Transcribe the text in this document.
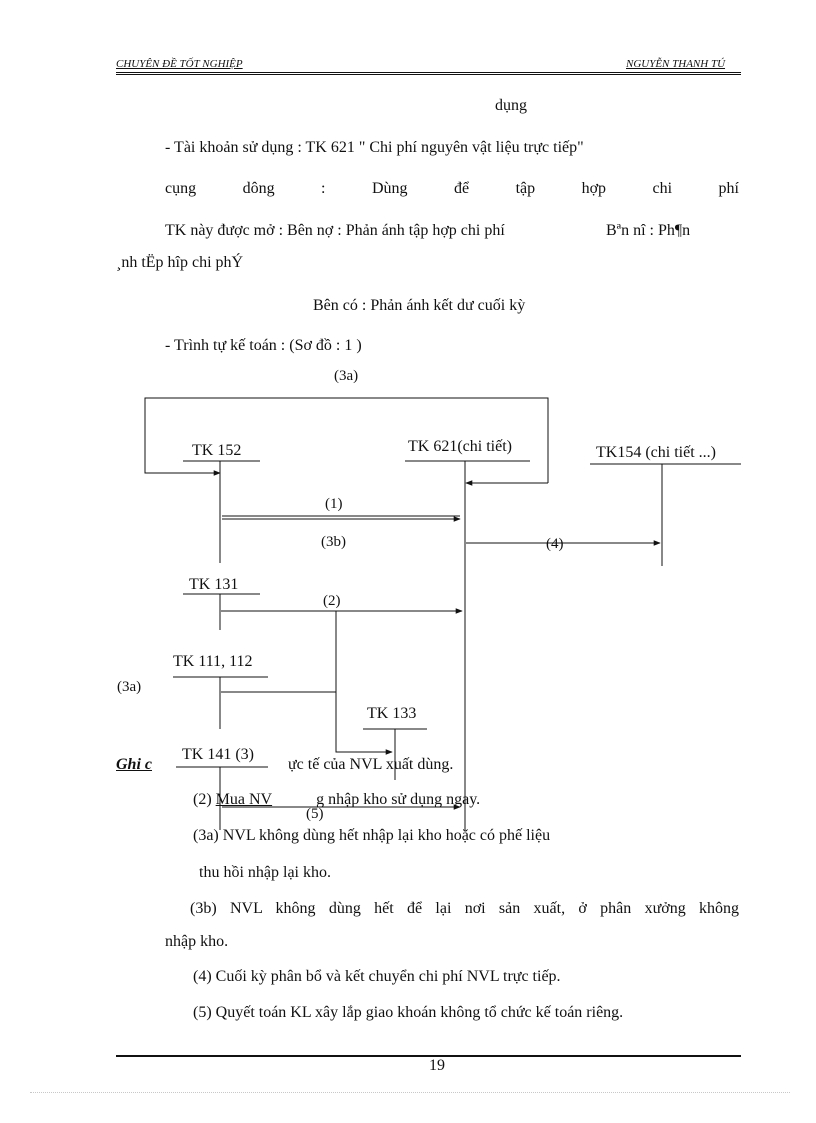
CHUYÊN ĐỀ TỐT NGHIỆP	NGUYỄN THANH TÚ
dụng
- Tài khoản sử dụng : TK 621 " Chi phí nguyên vật liệu trực tiếp"
cụng	dông	:	Dùng	để	tập	hợp	chi	phí
TK này được mở : Bên nợ : Phản ánh tập hợp chi phí	Bªn nî : Ph¶n
¸nh tËp hîp chi phÝ
Bên có : Phản ánh kết dư cuối kỳ
- Trình tự kế toán : (Sơ đồ : 1 )
(3a)
TK 152	TK 621(chi tiết)	TK154 (chi tiết ...)
(1)
(3b)	(4)
TK 131
(2)
TK 111, 112
(3a)
TK 133
(5)
Ghi c
TK 141 (3)
ực tế của NVL xuất dùng.
(2) Mua NV	g nhập kho sử dụng ngay.
(3a) NVL không dùng hết nhập lại kho hoặc có phế liệu
thu hồi nhập lại kho.
(3b) NVL không dùng hết để lại nơi sản xuất, ở phân xưởng không
nhập kho.
(4) Cuối kỳ phân bổ và kết chuyển chi phí NVL trực tiếp.
(5) Quyết toán KL xây lắp giao khoán không tổ chức kế toán riêng.
19
